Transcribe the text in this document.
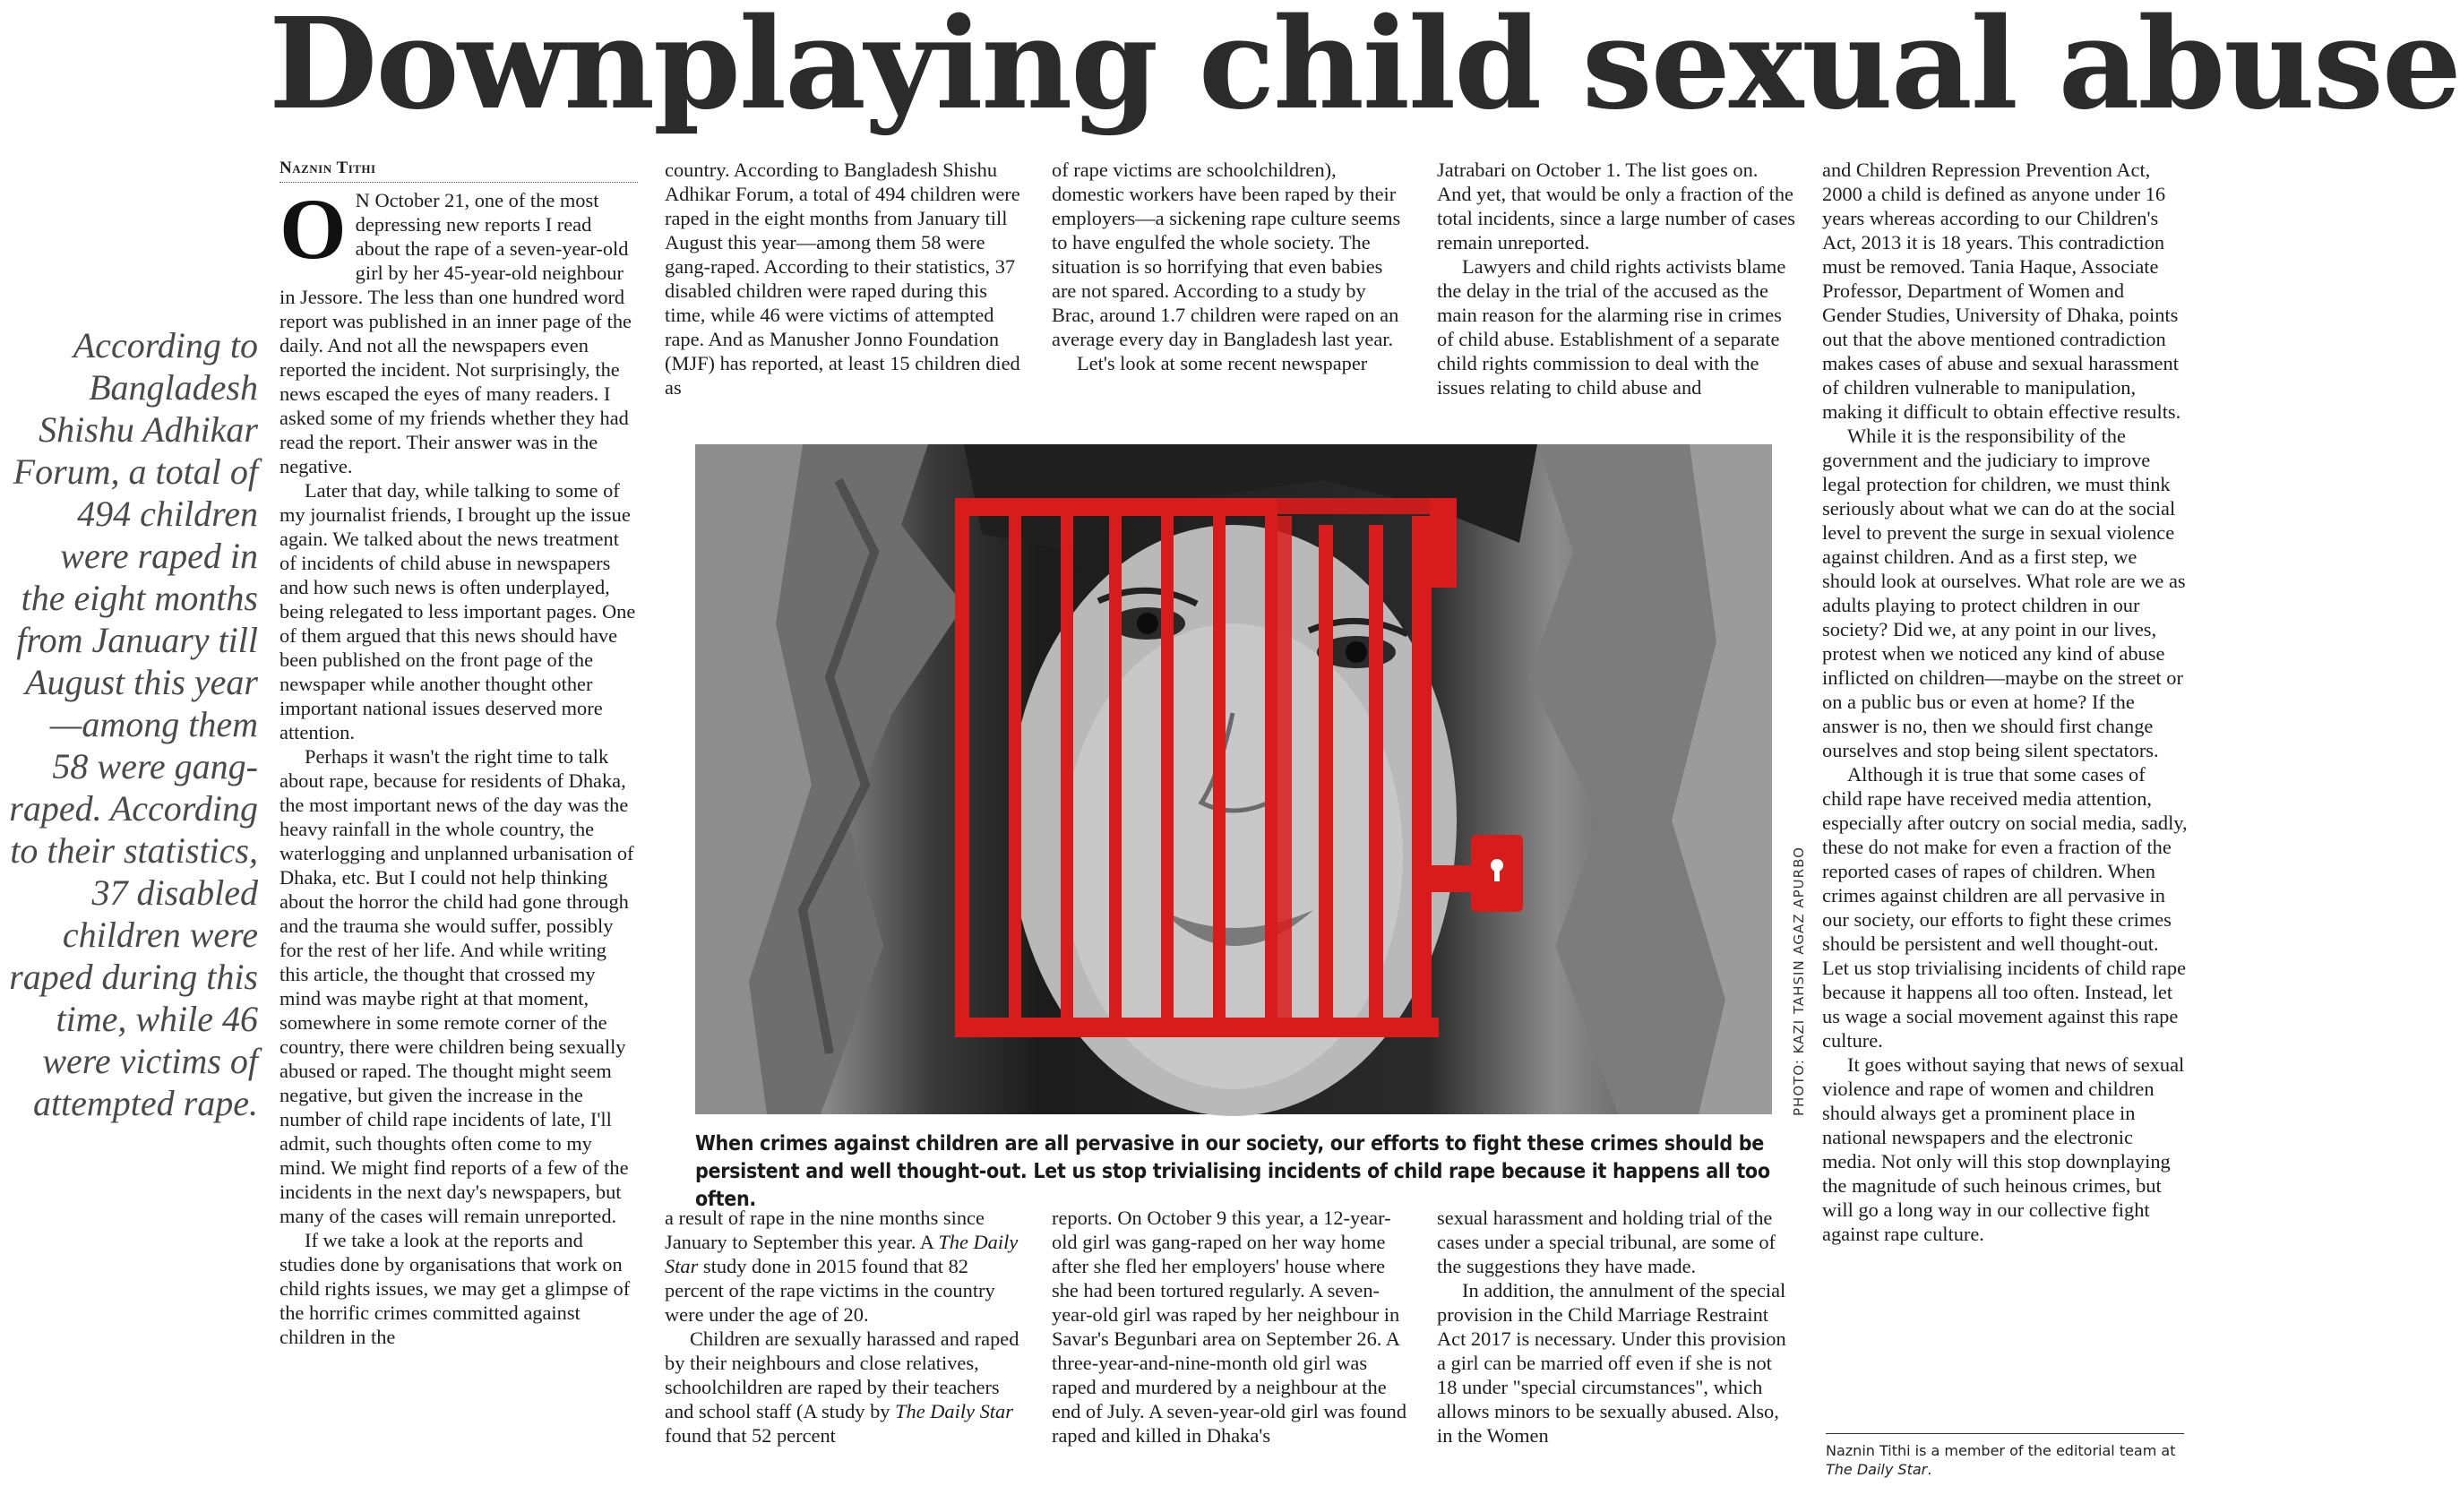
Downplaying child sexual abuse

According to Bangladesh Shishu Adhikar Forum, a total of 494 children were raped in the eight months from January till August this year—among them 58 were gang-raped. According to their statistics, 37 disabled children were raped during this time, while 46 were victims of attempted rape.

Naznin Tithi

O N October 21, one of the most depressing new reports I read about the rape of a seven-year-old girl by her 45-year-old neighbour in Jessore. The less than one hundred word report was published in an inner page of the daily. And not all the newspapers even reported the incident. Not surprisingly, the news escaped the eyes of many readers. I asked some of my friends whether they had read the report. Their answer was in the negative.

Later that day, while talking to some of my journalist friends, I brought up the issue again. We talked about the news treatment of incidents of child abuse in newspapers and how such news is often underplayed, being relegated to less important pages. One of them argued that this news should have been published on the front page of the newspaper while another thought other important national issues deserved more attention.

Perhaps it wasn't the right time to talk about rape, because for residents of Dhaka, the most important news of the day was the heavy rainfall in the whole country, the waterlogging and unplanned urbanisation of Dhaka, etc. But I could not help thinking about the horror the child had gone through and the trauma she would suffer, possibly for the rest of her life. And while writing this article, the thought that crossed my mind was maybe right at that moment, somewhere in some remote corner of the country, there were children being sexually abused or raped. The thought might seem negative, but given the increase in the number of child rape incidents of late, I'll admit, such thoughts often come to my mind. We might find reports of a few of the incidents in the next day's newspapers, but many of the cases will remain unreported.

If we take a look at the reports and studies done by organisations that work on child rights issues, we may get a glimpse of the horrific crimes committed against children in the

country. According to Bangladesh Shishu Adhikar Forum, a total of 494 children were raped in the eight months from January till August this year—among them 58 were gang-raped. According to their statistics, 37 disabled children were raped during this time, while 46 were victims of attempted rape. And as Manusher Jonno Foundation (MJF) has reported, at least 15 children died as

of rape victims are schoolchildren), domestic workers have been raped by their employers—a sickening rape culture seems to have engulfed the whole society. The situation is so horrifying that even babies are not spared. According to a study by Brac, around 1.7 children were raped on an average every day in Bangladesh last year.

Let's look at some recent newspaper

Jatrabari on October 1. The list goes on. And yet, that would be only a fraction of the total incidents, since a large number of cases remain unreported.

Lawyers and child rights activists blame the delay in the trial of the accused as the main reason for the alarming rise in crimes of child abuse. Establishment of a separate child rights commission to deal with the issues relating to child abuse and

and Children Repression Prevention Act, 2000 a child is defined as anyone under 16 years whereas according to our Children's Act, 2013 it is 18 years. This contradiction must be removed. Tania Haque, Associate Professor, Department of Women and Gender Studies, University of Dhaka, points out that the above mentioned contradiction makes cases of abuse and sexual harassment of children vulnerable to manipulation, making it difficult to obtain effective results.

While it is the responsibility of the government and the judiciary to improve legal protection for children, we must think seriously about what we can do at the social level to prevent the surge in sexual violence against children. And as a first step, we should look at ourselves. What role are we as adults playing to protect children in our society? Did we, at any point in our lives, protest when we noticed any kind of abuse inflicted on children—maybe on the street or on a public bus or even at home? If the answer is no, then we should first change ourselves and stop being silent spectators.

Although it is true that some cases of child rape have received media attention, especially after outcry on social media, sadly, these do not make for even a fraction of the reported cases of rapes of children. When crimes against children are all pervasive in our society, our efforts to fight these crimes should be persistent and well thought-out. Let us stop trivialising incidents of child rape because it happens all too often. Instead, let us wage a social movement against this rape culture.

It goes without saying that news of sexual violence and rape of women and children should always get a prominent place in national newspapers and the electronic media. Not only will this stop downplaying the magnitude of such heinous crimes, but will go a long way in our collective fight against rape culture.

PHOTO: KAZI TAHSIN AGAZ APURBO

When crimes against children are all pervasive in our society, our efforts to fight these crimes should be persistent and well thought-out. Let us stop trivialising incidents of child rape because it happens all too often.

a result of rape in the nine months since January to September this year. A The Daily Star study done in 2015 found that 82 percent of the rape victims in the country were under the age of 20.

Children are sexually harassed and raped by their neighbours and close relatives, schoolchildren are raped by their teachers and school staff (A study by The Daily Star found that 52 percent

reports. On October 9 this year, a 12-year-old girl was gang-raped on her way home after she fled her employers' house where she had been tortured regularly. A seven-year-old girl was raped by her neighbour in Savar's Begunbari area on September 26. A three-year-and-nine-month old girl was raped and murdered by a neighbour at the end of July. A seven-year-old girl was found raped and killed in Dhaka's

sexual harassment and holding trial of the cases under a special tribunal, are some of the suggestions they have made.

In addition, the annulment of the special provision in the Child Marriage Restraint Act 2017 is necessary. Under this provision a girl can be married off even if she is not 18 under "special circumstances", which allows minors to be sexually abused. Also, in the Women

Naznin Tithi is a member of the editorial team at The Daily Star.
